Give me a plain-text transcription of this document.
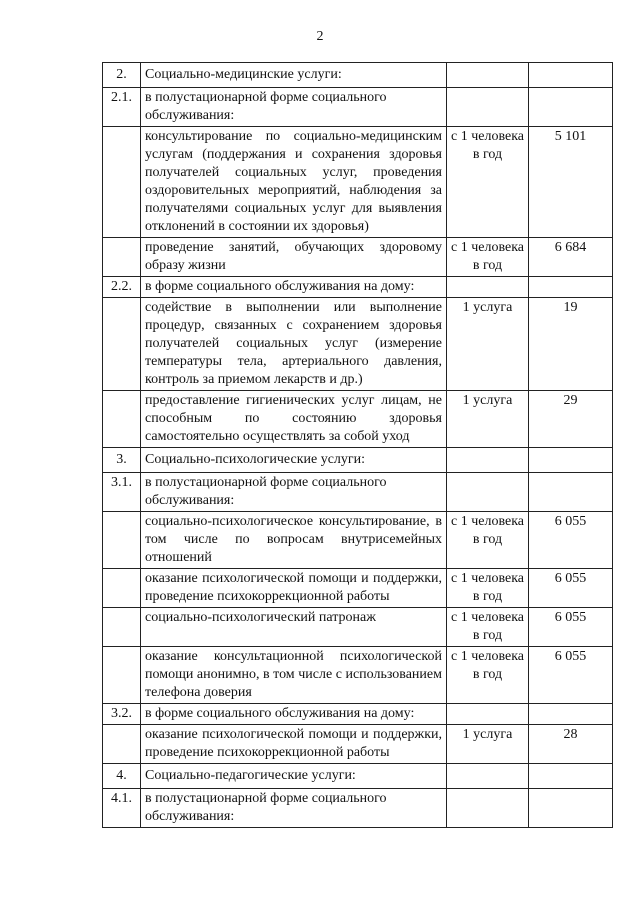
2
2.	Социально-медицинские услуги:		
2.1.	в полустационарной форме социального обслуживания:		
	консультирование по социально-медицинским услугам (поддержания и сохранения здоровья получателей социальных услуг, проведения оздоровительных мероприятий, наблюдения за получателями социальных услуг для выявления отклонений в состоянии их здоровья)	с 1 человека в год	5 101
	проведение занятий, обучающих здоровому образу жизни	с 1 человека в год	6 684
2.2.	в форме социального обслуживания на дому:		
	содействие в выполнении или выполнение процедур, связанных с сохранением здоровья получателей социальных услуг (измерение температуры тела, артериального давления, контроль за приемом лекарств и др.)	1 услуга	19
	предоставление гигиенических услуг лицам, не способным по состоянию здоровья самостоятельно осуществлять за собой уход	1 услуга	29
3.	Социально-психологические услуги:		
3.1.	в полустационарной форме социального обслуживания:		
	социально-психологическое консультирование, в том числе по вопросам внутрисемейных отношений	с 1 человека в год	6 055
	оказание психологической помощи и поддержки, проведение психокоррекционной работы	с 1 человека в год	6 055
	социально-психологический патронаж	с 1 человека в год	6 055
	оказание консультационной психологической помощи анонимно, в том числе с использованием телефона доверия	с 1 человека в год	6 055
3.2.	в форме социального обслуживания на дому:		
	оказание психологической помощи и поддержки, проведение психокоррекционной работы	1 услуга	28
4.	Социально-педагогические услуги:		
4.1.	в полустационарной форме социального обслуживания:		
